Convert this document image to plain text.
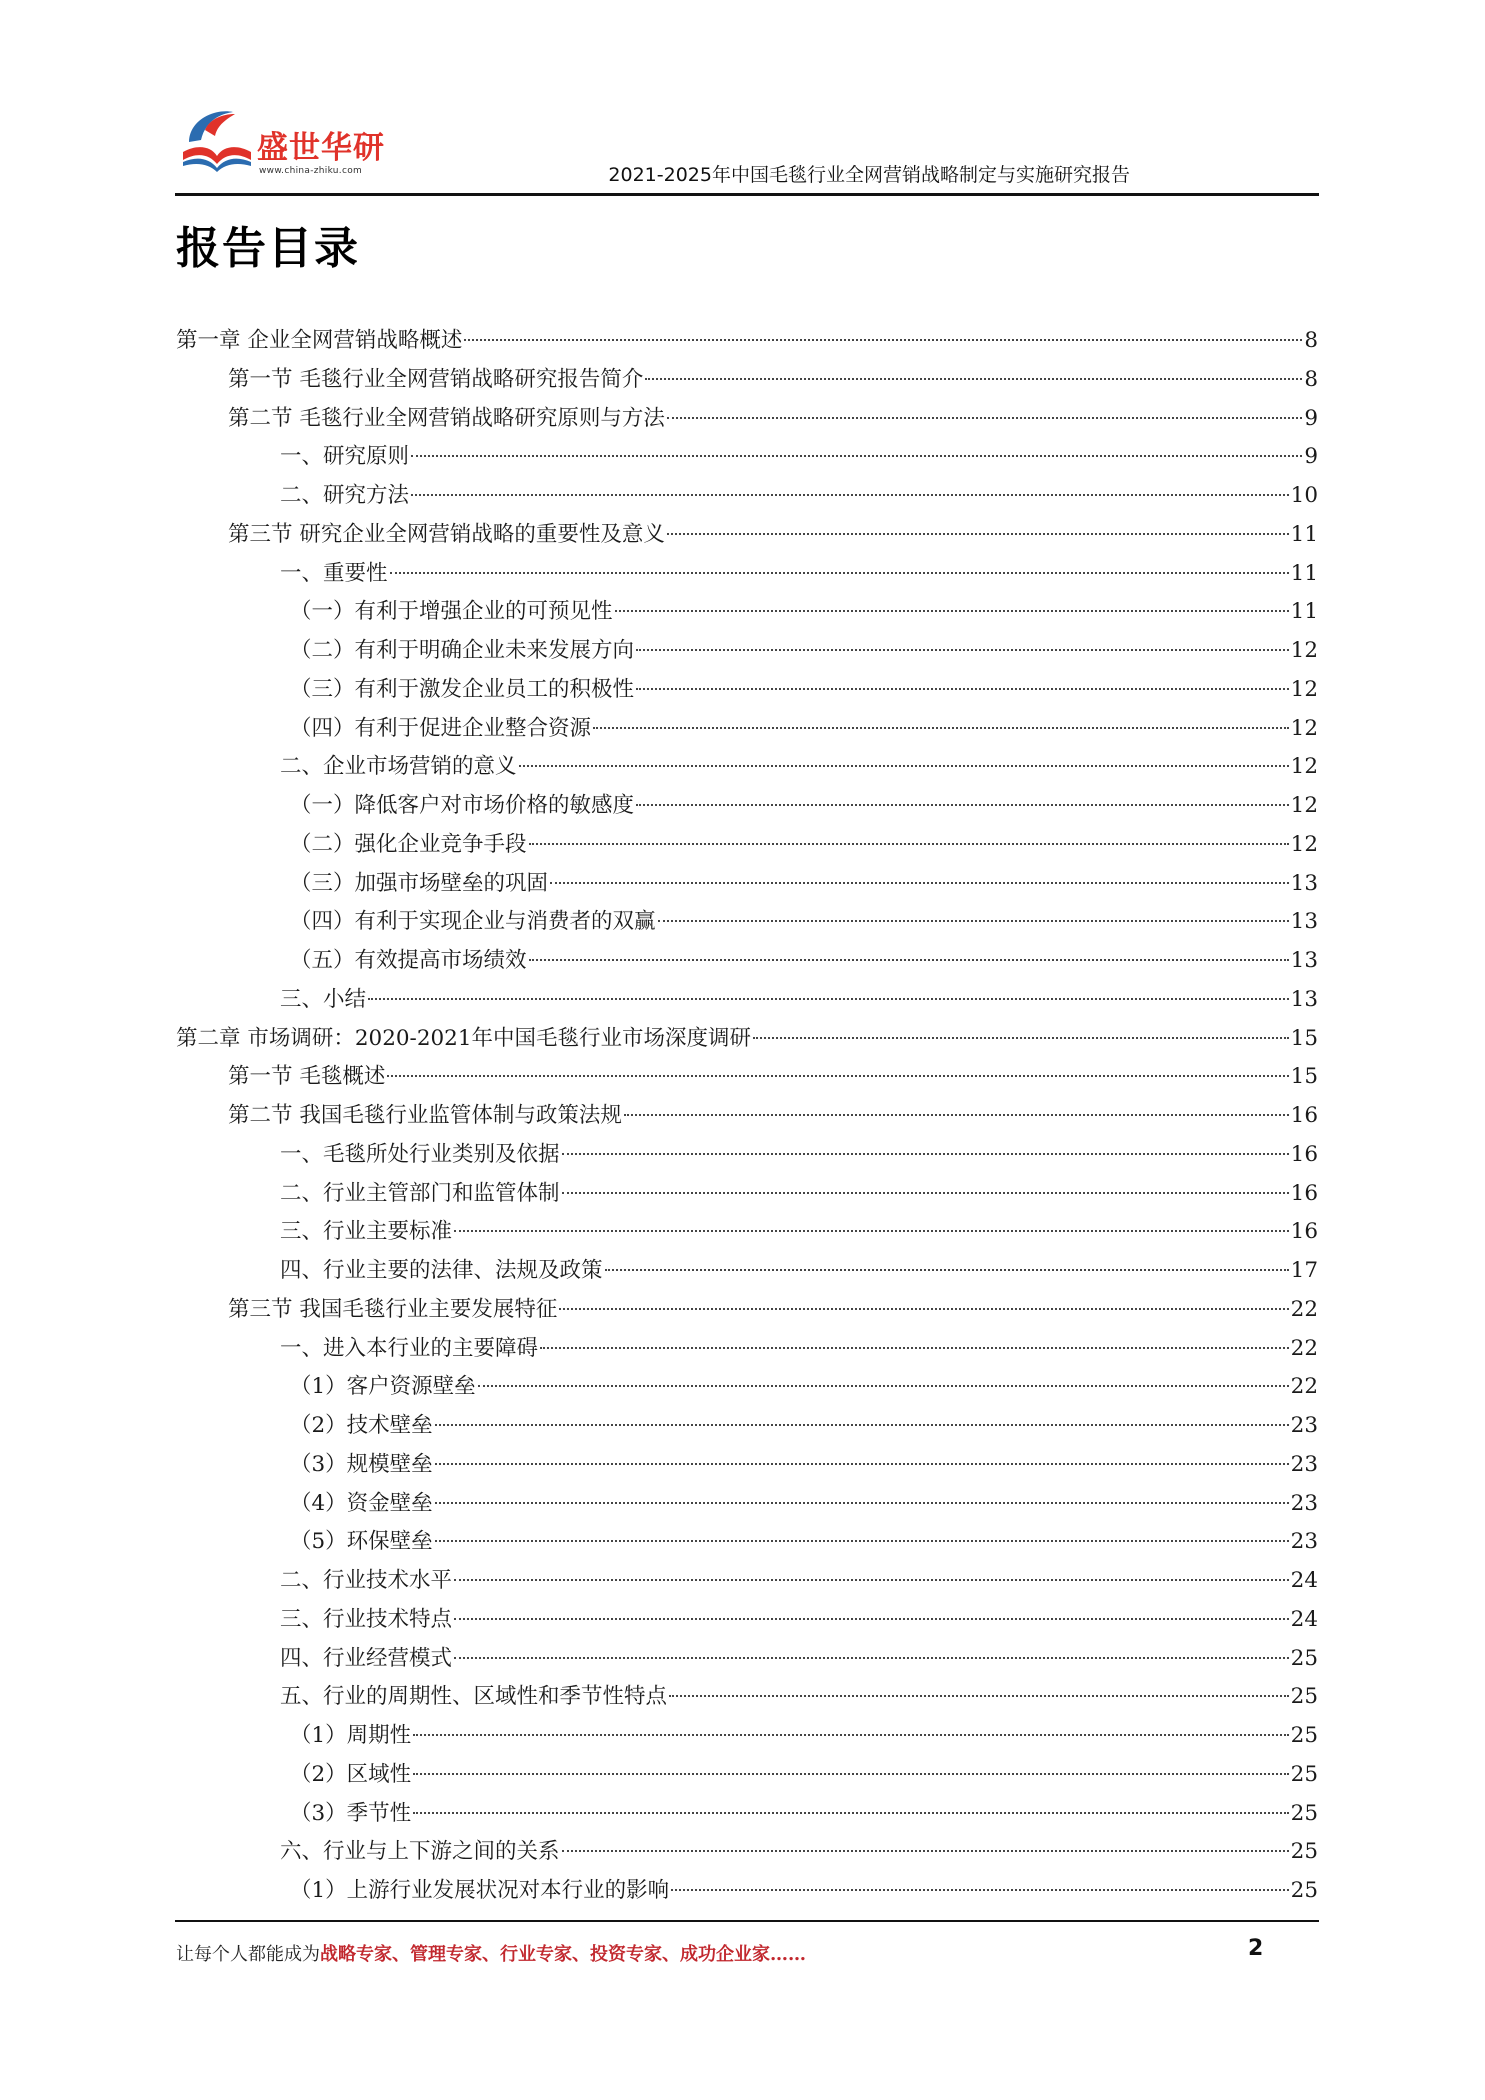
盛世华研
www.china-zhiku.com	2021-2025年中国毛毯行业全网营销战略制定与实施研究报告
报告目录
第一章 企业全网营销战略概述	8
第一节 毛毯行业全网营销战略研究报告简介	8
第二节 毛毯行业全网营销战略研究原则与方法	9
一、研究原则	9
二、研究方法	10
第三节 研究企业全网营销战略的重要性及意义	11
一、重要性	11
（一）有利于增强企业的可预见性	11
（二）有利于明确企业未来发展方向	12
（三）有利于激发企业员工的积极性	12
（四）有利于促进企业整合资源	12
二、企业市场营销的意义	12
（一）降低客户对市场价格的敏感度	12
（二）强化企业竞争手段	12
（三）加强市场壁垒的巩固	13
（四）有利于实现企业与消费者的双赢	13
（五）有效提高市场绩效	13
三、小结	13
第二章 市场调研：2020-2021年中国毛毯行业市场深度调研	15
第一节 毛毯概述	15
第二节 我国毛毯行业监管体制与政策法规	16
一、毛毯所处行业类别及依据	16
二、行业主管部门和监管体制	16
三、行业主要标准	16
四、行业主要的法律、法规及政策	17
第三节 我国毛毯行业主要发展特征	22
一、进入本行业的主要障碍	22
（1）客户资源壁垒	22
（2）技术壁垒	23
（3）规模壁垒	23
（4）资金壁垒	23
（5）环保壁垒	23
二、行业技术水平	24
三、行业技术特点	24
四、行业经营模式	25
五、行业的周期性、区域性和季节性特点	25
（1）周期性	25
（2）区域性	25
（3）季节性	25
六、行业与上下游之间的关系	25
（1）上游行业发展状况对本行业的影响	25
让每个人都能成为战略专家、管理专家、行业专家、投资专家、成功企业家……	2
